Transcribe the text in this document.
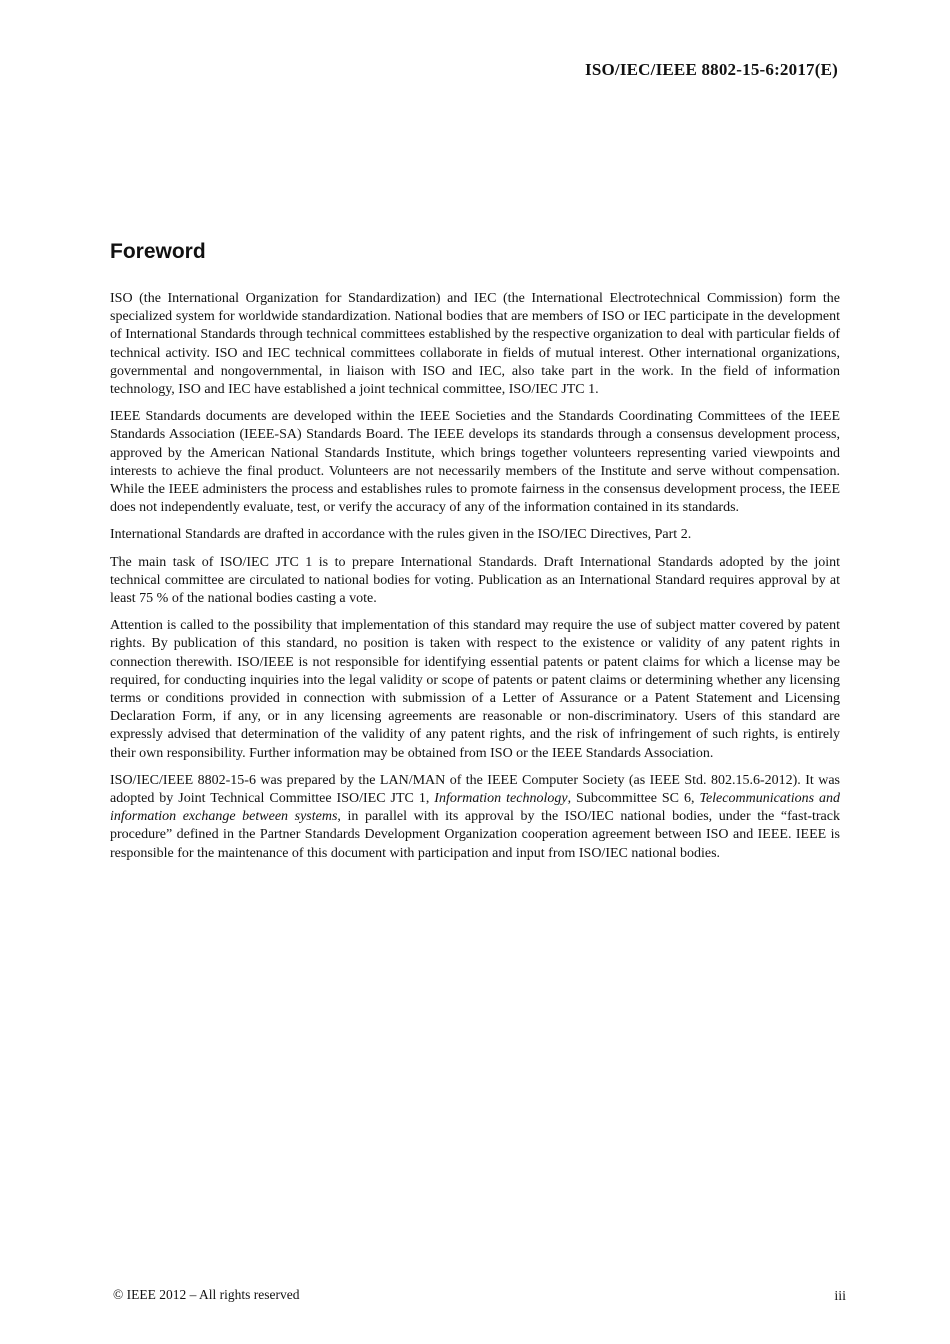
ISO/IEC/IEEE 8802-15-6:2017(E)
Foreword

ISO (the International Organization for Standardization) and IEC (the International Electrotechnical Commission) form the specialized system for worldwide standardization. National bodies that are members of ISO or IEC participate in the development of International Standards through technical committees established by the respective organization to deal with particular fields of technical activity. ISO and IEC technical committees collaborate in fields of mutual interest. Other international organizations, governmental and nongovernmental, in liaison with ISO and IEC, also take part in the work. In the field of information technology, ISO and IEC have established a joint technical committee, ISO/IEC JTC 1.

IEEE Standards documents are developed within the IEEE Societies and the Standards Coordinating Committees of the IEEE Standards Association (IEEE-SA) Standards Board. The IEEE develops its standards through a consensus development process, approved by the American National Standards Institute, which brings together volunteers representing varied viewpoints and interests to achieve the final product. Volunteers are not necessarily members of the Institute and serve without compensation. While the IEEE administers the process and establishes rules to promote fairness in the consensus development process, the IEEE does not independently evaluate, test, or verify the accuracy of any of the information contained in its standards.

International Standards are drafted in accordance with the rules given in the ISO/IEC Directives, Part 2.

The main task of ISO/IEC JTC 1 is to prepare International Standards. Draft International Standards adopted by the joint technical committee are circulated to national bodies for voting. Publication as an International Standard requires approval by at least 75 % of the national bodies casting a vote.

Attention is called to the possibility that implementation of this standard may require the use of subject matter covered by patent rights. By publication of this standard, no position is taken with respect to the existence or validity of any patent rights in connection therewith. ISO/IEEE is not responsible for identifying essential patents or patent claims for which a license may be required, for conducting inquiries into the legal validity or scope of patents or patent claims or determining whether any licensing terms or conditions provided in connection with submission of a Letter of Assurance or a Patent Statement and Licensing Declaration Form, if any, or in any licensing agreements are reasonable or non-discriminatory. Users of this standard are expressly advised that determination of the validity of any patent rights, and the risk of infringement of such rights, is entirely their own responsibility. Further information may be obtained from ISO or the IEEE Standards Association.

ISO/IEC/IEEE 8802-15-6 was prepared by the LAN/MAN of the IEEE Computer Society (as IEEE Std. 802.15.6-2012). It was adopted by Joint Technical Committee ISO/IEC JTC 1, Information technology, Subcommittee SC 6, Telecommunications and information exchange between systems, in parallel with its approval by the ISO/IEC national bodies, under the “fast-track procedure” defined in the Partner Standards Development Organization cooperation agreement between ISO and IEEE. IEEE is responsible for the maintenance of this document with participation and input from ISO/IEC national bodies.

© IEEE 2012 – All rights reserved	iii
